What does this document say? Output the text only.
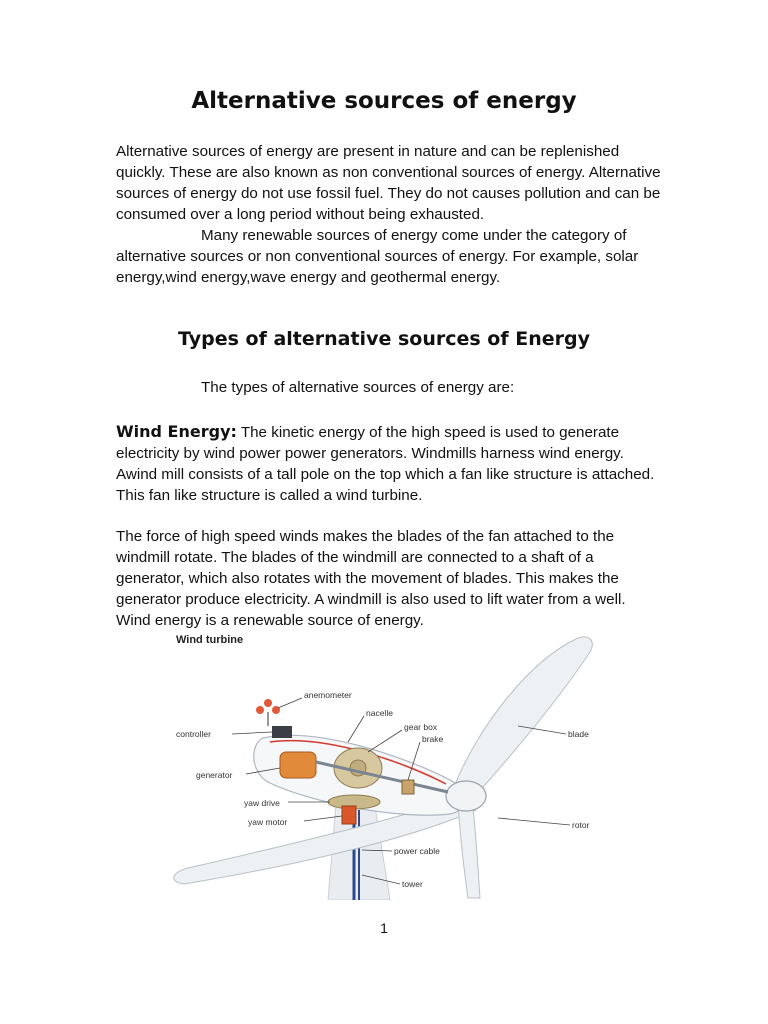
Alternative sources of energy

Alternative sources of energy are present in nature and can be replenished quickly. These are also known as non conventional sources of energy. Alternative sources of energy do not use fossil fuel. They do not causes pollution and can be consumed over a long period without being exhausted.
Many renewable sources of energy come under the category of alternative sources or non conventional sources of energy. For example, solar energy,wind energy,wave energy and geothermal energy.

Types of alternative sources of Energy

The types of alternative sources of energy are:

Wind Energy: The kinetic energy of the high speed is used to generate electricity by wind power power generators. Windmills harness wind energy. Awind mill consists of a tall pole on the top which a fan like structure is attached. This fan like structure is called a wind turbine.

The force of high speed winds makes the blades of the fan attached to the windmill rotate. The blades of the windmill are connected to a shaft of a generator, which also rotates with the movement of blades. This makes the generator produce electricity. A windmill is also used to lift water from a well. Wind energy is a renewable source of energy.

Wind turbine
anemometer
nacelle
gear box
brake
controller	blade
generator
yaw drive
yaw motor	rotor
power cable
tower
1
